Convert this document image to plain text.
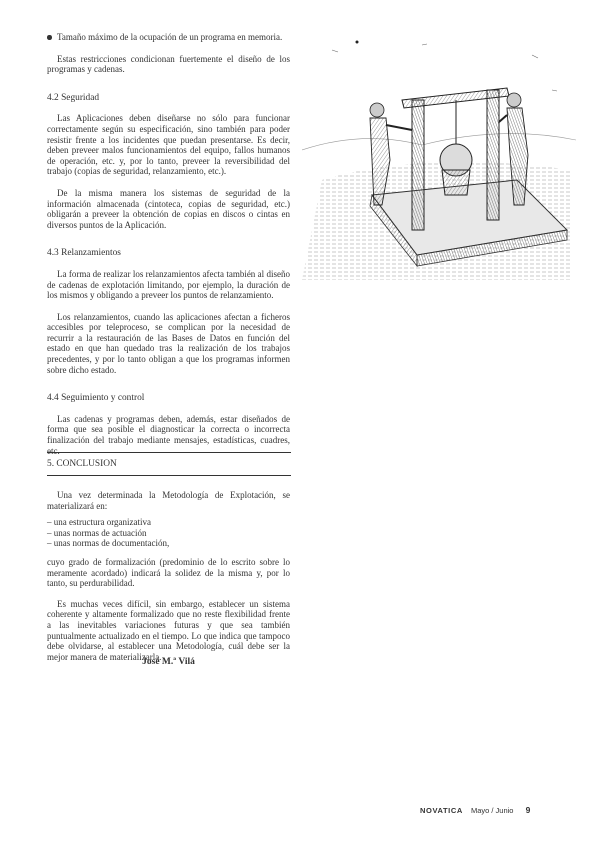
Tamaño máximo de la ocupación de un programa en memoria.

Estas restricciones condicionan fuertemente el diseño de los programas y cadenas.

4.2 Seguridad

Las Aplicaciones deben diseñarse no sólo para funcionar correctamente según su especificación, sino también para poder resistir frente a los incidentes que puedan presentarse. Es decir, deben preveer malos funcionamientos del equipo, fallos humanos de operación, etc. y, por lo tanto, preveer la reversibilidad del trabajo (copias de seguridad, relanzamiento, etc.).

De la misma manera los sistemas de seguridad de la información almacenada (cintoteca, copias de seguridad, etc.) obligarán a preveer la obtención de copias en discos o cintas en diversos puntos de la Aplicación.

4.3 Relanzamientos

La forma de realizar los relanzamientos afecta también al diseño de cadenas de explotación limitando, por ejemplo, la duración de los mismos y obligando a preveer los puntos de relanzamiento.

Los relanzamientos, cuando las aplicaciones afectan a ficheros accesibles por teleproceso, se complican por la necesidad de recurrir a la restauración de las Bases de Datos en función del estado en que han quedado tras la realización de los trabajos precedentes, y por lo tanto obligan a que los programas informen sobre dicho estado.

4.4 Seguimiento y control

Las cadenas y programas deben, además, estar diseñados de forma que sea posible el diagnosticar la correcta o incorrecta finalización del trabajo mediante mensajes, estadísticas, cuadres, etc.

5. CONCLUSION

Una vez determinada la Metodología de Explotación, se materializará en:

– una estructura organizativa

– unas normas de actuación

– unas normas de documentación,

cuyo grado de formalización (predominio de lo escrito sobre lo meramente acordado) indicará la solidez de la misma y, por lo tanto, su perdurabilidad.

Es muchas veces difícil, sin embargo, establecer un sistema coherente y altamente formalizado que no reste flexibilidad frente a las inevitables variaciones futuras y que sea también puntualmente actualizado en el tiempo. Lo que indica que tampoco debe olvidarse, al establecer una Metodología, cuál debe ser la mejor manera de materializarla.

José M.ª Vilá
NOVATICA Mayo / Junio 9
